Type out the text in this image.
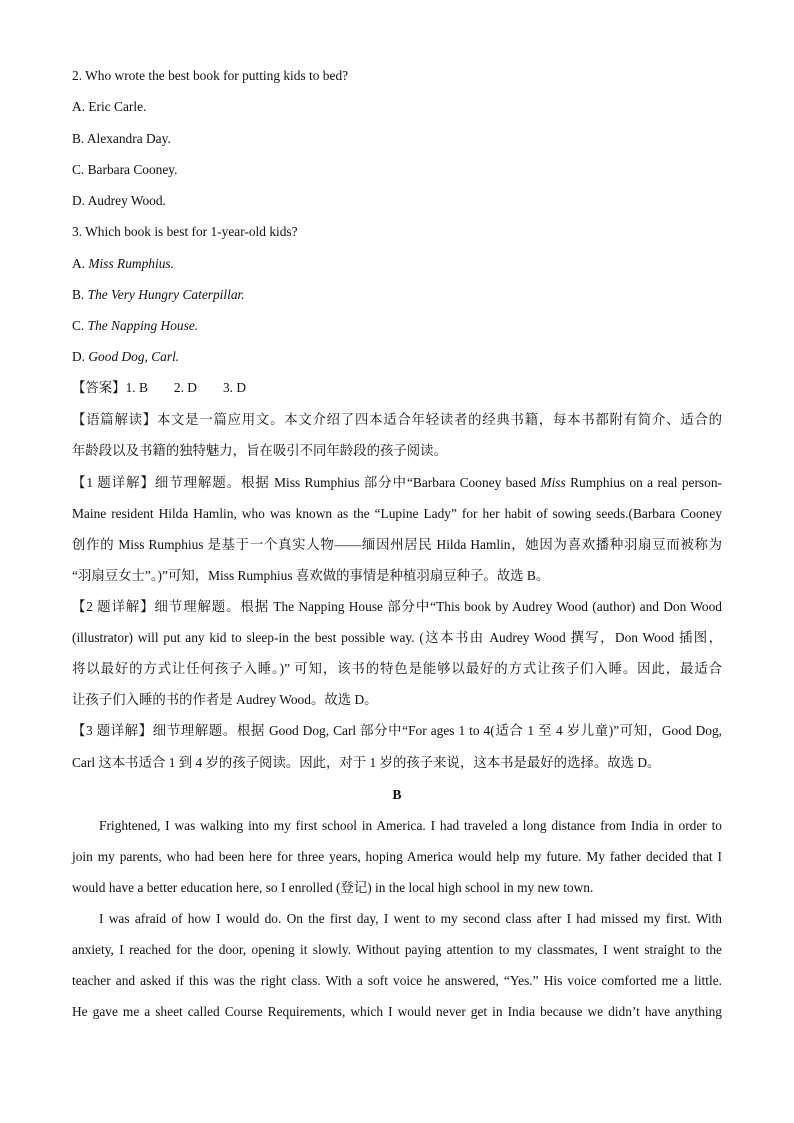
2. Who wrote the best book for putting kids to bed?
A. Eric Carle.
B. Alexandra Day.
C. Barbara Cooney.
D. Audrey Wood.
3. Which book is best for 1-year-old kids?
A. Miss Rumphius.
B. The Very Hungry Caterpillar.
C. The Napping House.
D. Good Dog, Carl.
【答案】1. B 2. D 3. D
【语篇解读】本文是一篇应用文。本文介绍了四本适合年轻读者的经典书籍，每本书都附有简介、适合的
年龄段以及书籍的独特魅力，旨在吸引不同年龄段的孩子阅读。
【1 题详解】细节理解题。根据 Miss Rumphius 部分中“Barbara Cooney based Miss Rumphius on a real person-
Maine resident Hilda Hamlin, who was known as the “Lupine Lady” for her habit of sowing seeds.(Barbara Cooney
创作的 Miss Rumphius 是基于一个真实人物——缅因州居民 Hilda Hamlin，她因为喜欢播种羽扇豆而被称为
“羽扇豆女士”。)”可知，Miss Rumphius 喜欢做的事情是种植羽扇豆种子。故选 B。
【2 题详解】细节理解题。根据 The Napping House 部分中“This book by Audrey Wood (author) and Don Wood
(illustrator) will put any kid to sleep-in the best possible way. (这本书由 Audrey Wood 撰写，Don Wood 插图，
将以最好的方式让任何孩子入睡。)” 可知，该书的特色是能够以最好的方式让孩子们入睡。因此，最适合
让孩子们入睡的书的作者是 Audrey Wood。故选 D。
【3 题详解】细节理解题。根据 Good Dog, Carl 部分中“For ages 1 to 4(适合 1 至 4 岁儿童)”可知，Good Dog,
Carl 这本书适合 1 到 4 岁的孩子阅读。因此，对于 1 岁的孩子来说，这本书是最好的选择。故选 D。
B
Frightened, I was walking into my first school in America. I had traveled a long distance from India in order to
join my parents, who had been here for three years, hoping America would help my future. My father decided that I
would have a better education here, so I enrolled (登记) in the local high school in my new town.
I was afraid of how I would do. On the first day, I went to my second class after I had missed my first. With
anxiety, I reached for the door, opening it slowly. Without paying attention to my classmates, I went straight to the
teacher and asked if this was the right class. With a soft voice he answered, “Yes.” His voice comforted me a little.
He gave me a sheet called Course Requirements, which I would never get in India because we didn’t have anything
